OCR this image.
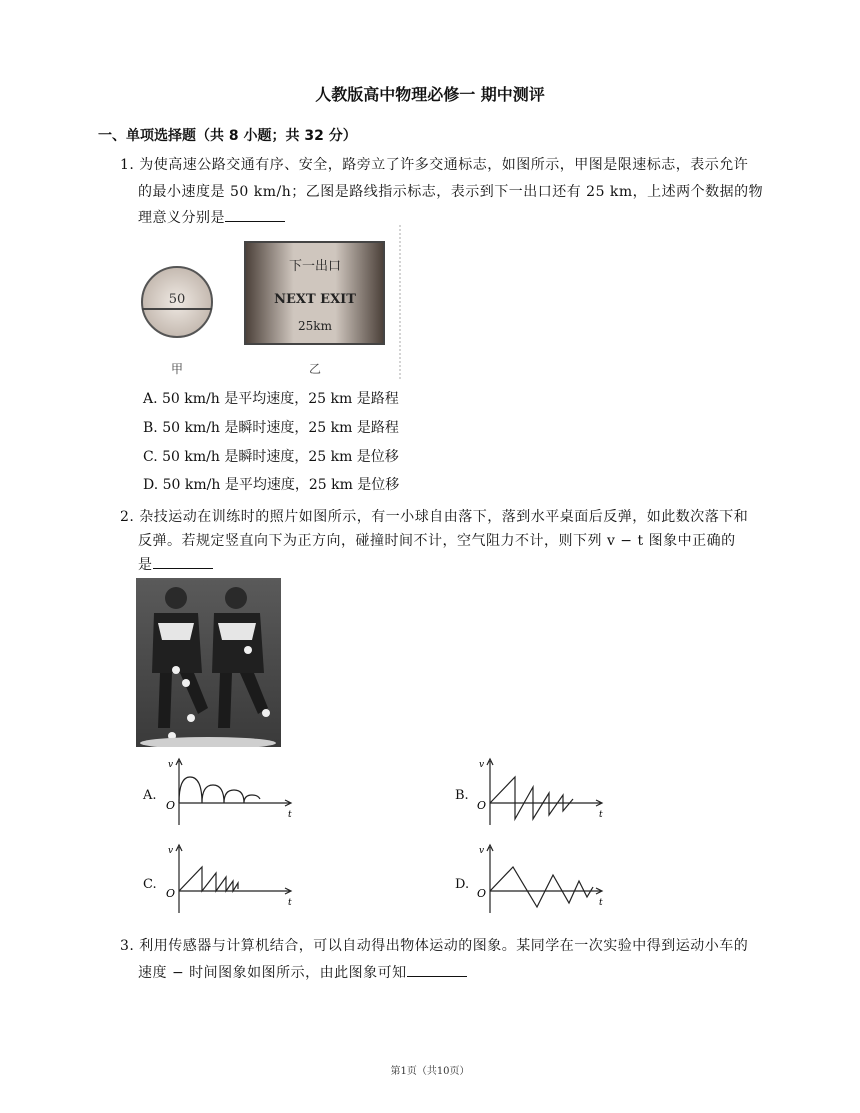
人教版高中物理必修一 期中测评
一、单项选择题（共 8 小题；共 32 分）
1. 为使高速公路交通有序、安全，路旁立了许多交通标志，如图所示，甲图是限速标志，表示允许
的最小速度是 50 km/h；乙图是路线指示标志，表示到下一出口还有 25 km，上述两个数据的物
理意义分别是
50
下一出口
NEXT EXIT
25km
甲	乙
A. 50 km/h 是平均速度，25 km 是路程
B. 50 km/h 是瞬时速度，25 km 是路程
C. 50 km/h 是瞬时速度，25 km 是位移
D. 50 km/h 是平均速度，25 km 是位移
2. 杂技运动在训练时的照片如图所示，有一小球自由落下，落到水平桌面后反弹，如此数次落下和
反弹。若规定竖直向下为正方向，碰撞时间不计，空气阻力不计，则下列 v − t 图象中正确的
是
A.
v
t
O
B.
v
t
O
C.
v
t
O
D.
v
t
O
3. 利用传感器与计算机结合，可以自动得出物体运动的图象。某同学在一次实验中得到运动小车的
速度 − 时间图象如图所示，由此图象可知
第1页（共10页）
